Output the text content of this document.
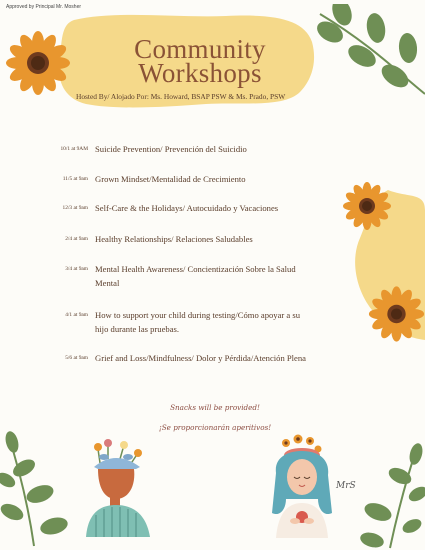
Approved by Principal Mr. Mosher
Community
Workshops
Hosted By/ Alojado Por: Ms. Howard, BSAP PSW & Ms. Prado, PSW
10/1 at 9AM Suicide Prevention/ Prevención del Suicidio
11/5 at 9am Grown Mindset/Mentalidad de Crecimiento
12/3 at 9am Self-Care & the Holidays/ Autocuidado y Vacaciones
2/4 at 9am Healthy Relationships/ Relaciones Saludables
3/4 at 9am Mental Health Awareness/ Concientización Sobre la Salud
Mental
4/1 at 9am How to support your child during testing/Cómo apoyar a su
hijo durante las pruebas.
5/6 at 9am Grief and Loss/Mindfulness/ Dolor y Pérdida/Atención Plena
Snacks will be provided!
¡Se proporcionarán aperitivos!
MrS
